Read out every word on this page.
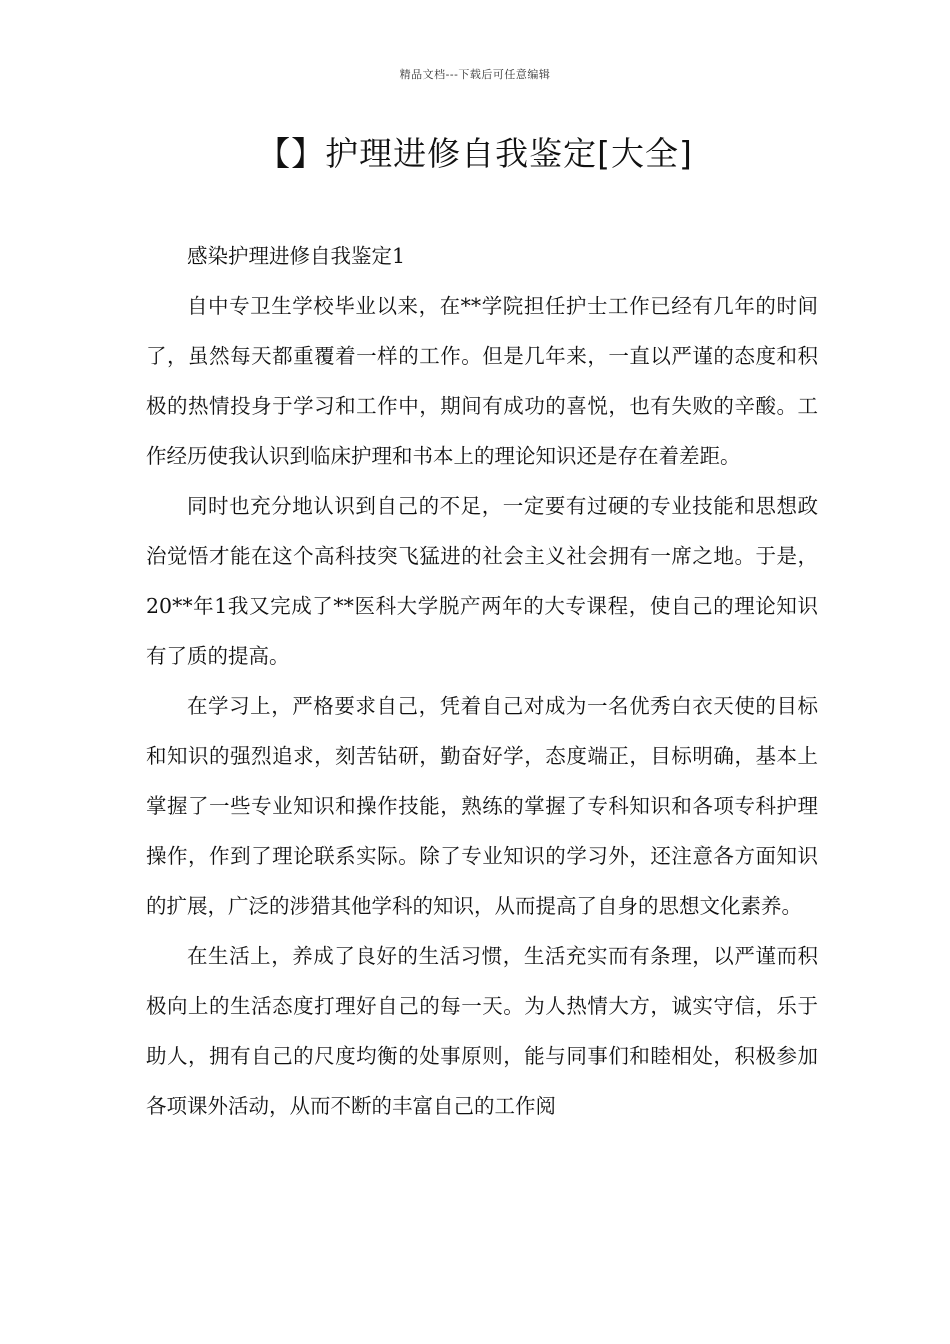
精品文档---下载后可任意编辑
【】护理进修自我鉴定[大全]

感染护理进修自我鉴定1

自中专卫生学校毕业以来，在**学院担任护士工作已经有几年的时间了，虽然每天都重覆着一样的工作。但是几年来，一直以严谨的态度和积极的热情投身于学习和工作中，期间有成功的喜悦，也有失败的辛酸。工作经历使我认识到临床护理和书本上的理论知识还是存在着差距。

同时也充分地认识到自己的不足，一定要有过硬的专业技能和思想政治觉悟才能在这个高科技突飞猛进的社会主义社会拥有一席之地。于是，20**年1我又完成了**医科大学脱产两年的大专课程，使自己的理论知识有了质的提高。

在学习上，严格要求自己，凭着自己对成为一名优秀白衣天使的目标和知识的强烈追求，刻苦钻研，勤奋好学，态度端正，目标明确，基本上掌握了一些专业知识和操作技能，熟练的掌握了专科知识和各项专科护理操作，作到了理论联系实际。除了专业知识的学习外，还注意各方面知识的扩展，广泛的涉猎其他学科的知识，从而提高了自身的思想文化素养。

在生活上，养成了良好的生活习惯，生活充实而有条理，以严谨而积极向上的生活态度打理好自己的每一天。为人热情大方，诚实守信，乐于助人，拥有自己的尺度均衡的处事原则，能与同事们和睦相处，积极参加各项课外活动，从而不断的丰富自己的工作阅
